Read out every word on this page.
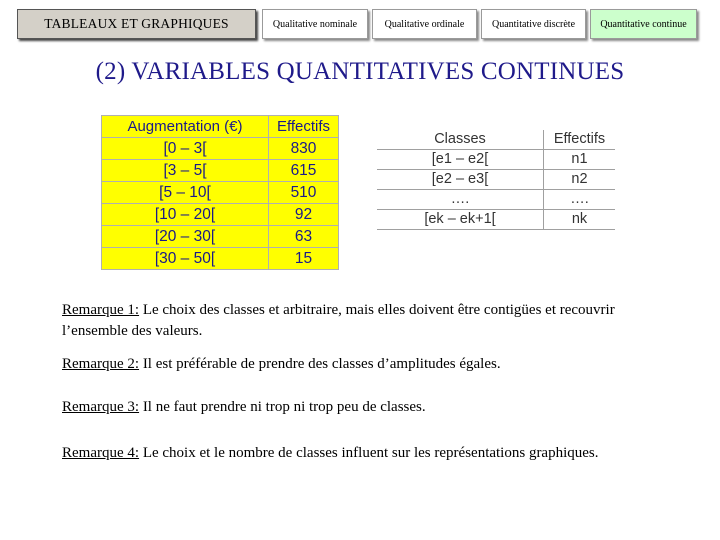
TABLEAUX ET GRAPHIQUES	Qualitative nominale	Qualitative ordinale	Quantitative discrète	Quantitative continue
(2) VARIABLES QUANTITATIVES CONTINUES
Augmentation (€)	Effectifs
[0 – 3[	830
[3 – 5[	615
[5 – 10[	510
[10 – 20[	92
[20 – 30[	63
[30 – 50[	15
Classes	Effectifs
[e1 – e2[	n1
[e2 – e3[	n2
….	….
[ek – ek+1[	nk
Remarque 1: Le choix des classes et arbitraire, mais elles doivent être contigües et recouvrir l’ensemble des valeurs.
Remarque 2: Il est préférable de prendre des classes d’amplitudes égales.
Remarque 3: Il ne faut prendre ni trop ni trop peu de classes.
Remarque 4: Le choix et le nombre de classes influent sur les représentations graphiques.
